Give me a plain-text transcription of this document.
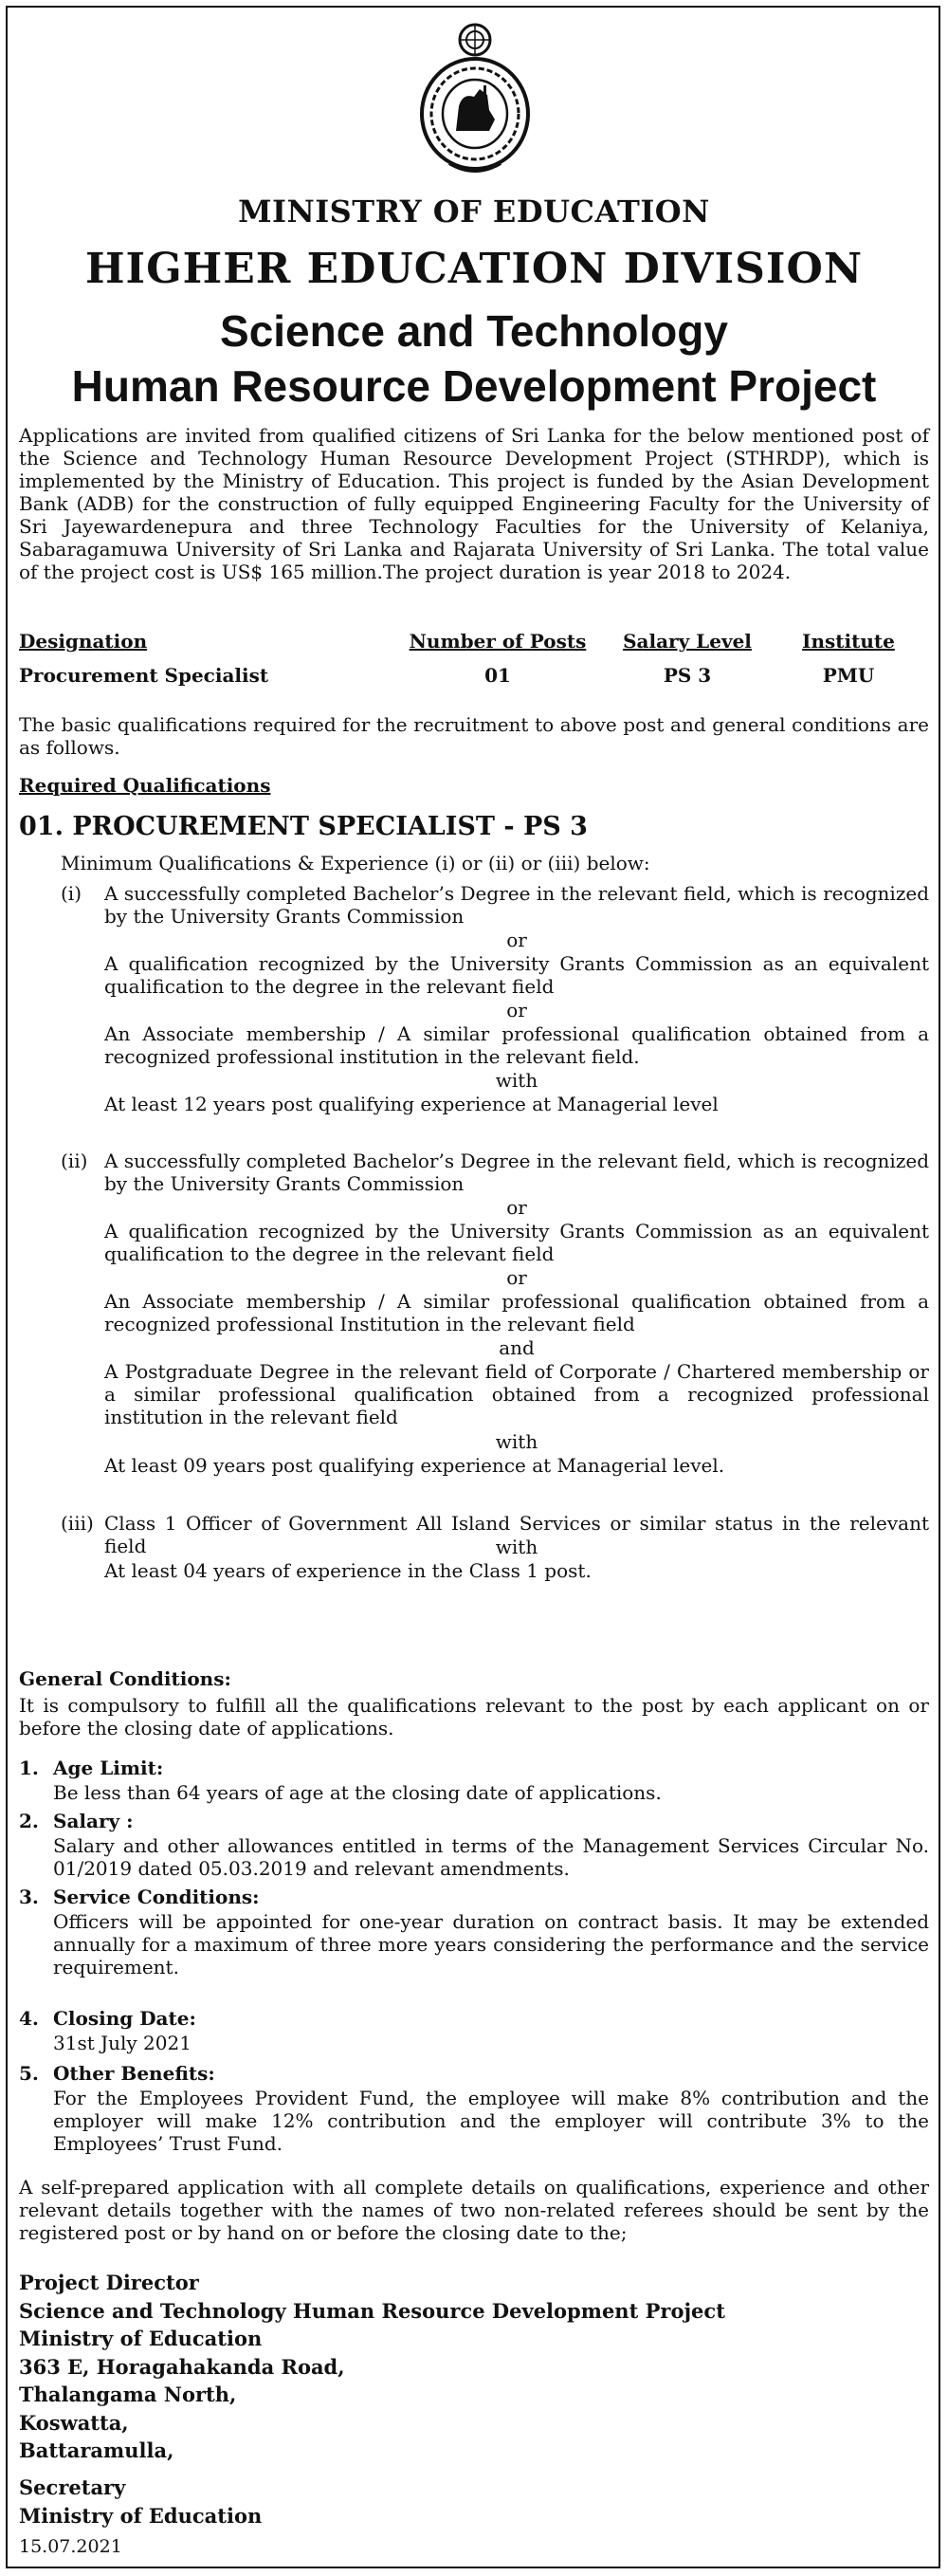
MINISTRY OF EDUCATION
HIGHER EDUCATION DIVISION
Science and Technology
Human Resource Development Project
Applications are invited from qualified citizens of Sri Lanka for the below mentioned post of the Science and Technology Human Resource Development Project (STHRDP), which is implemented by the Ministry of Education. This project is funded by the Asian Development Bank (ADB) for the construction of fully equipped Engineering Faculty for the University of Sri Jayewardenepura and three Technology Faculties for the University of Kelaniya, Sabaragamuwa University of Sri Lanka and Rajarata University of Sri Lanka. The total value of the project cost is US$ 165 million.The project duration is year 2018 to 2024.
Designation	Number of Posts	Salary Level	Institute
Procurement Specialist	01	PS 3	PMU
The basic qualifications required for the recruitment to above post and general conditions are as follows.
Required Qualifications
01. PROCUREMENT SPECIALIST - PS 3
Minimum Qualifications & Experience (i) or (ii) or (iii) below:
(i) A successfully completed Bachelor’s Degree in the relevant field, which is recognized by the University Grants Commission
or
A qualification recognized by the University Grants Commission as an equivalent qualification to the degree in the relevant field
or
An Associate membership / A similar professional qualification obtained from a recognized professional institution in the relevant field.
with
At least 12 years post qualifying experience at Managerial level
(ii) A successfully completed Bachelor’s Degree in the relevant field, which is recognized by the University Grants Commission
or
A qualification recognized by the University Grants Commission as an equivalent qualification to the degree in the relevant field
or
An Associate membership / A similar professional qualification obtained from a recognized professional Institution in the relevant field
and
A Postgraduate Degree in the relevant field of Corporate / Chartered membership or a similar professional qualification obtained from a recognized professional institution in the relevant field
with
At least 09 years post qualifying experience at Managerial level.
(iii) Class 1 Officer of Government All Island Services or similar status in the relevant field	with
At least 04 years of experience in the Class 1 post.
General Conditions:
It is compulsory to fulfill all the qualifications relevant to the post by each applicant on or before the closing date of applications.
1. Age Limit:
Be less than 64 years of age at the closing date of applications.
2. Salary :
Salary and other allowances entitled in terms of the Management Services Circular No. 01/2019 dated 05.03.2019 and relevant amendments.
3. Service Conditions:
Officers will be appointed for one-year duration on contract basis. It may be extended annually for a maximum of three more years considering the performance and the service requirement.
4. Closing Date:
31st July 2021
5. Other Benefits:
For the Employees Provident Fund, the employee will make 8% contribution and the employer will make 12% contribution and the employer will contribute 3% to the Employees’ Trust Fund.
A self-prepared application with all complete details on qualifications, experience and other relevant details together with the names of two non-related referees should be sent by the registered post or by hand on or before the closing date to the;
Project Director
Science and Technology Human Resource Development Project
Ministry of Education
363 E, Horagahakanda Road,
Thalangama North,
Koswatta,
Battaramulla,
Secretary
Ministry of Education
15.07.2021
